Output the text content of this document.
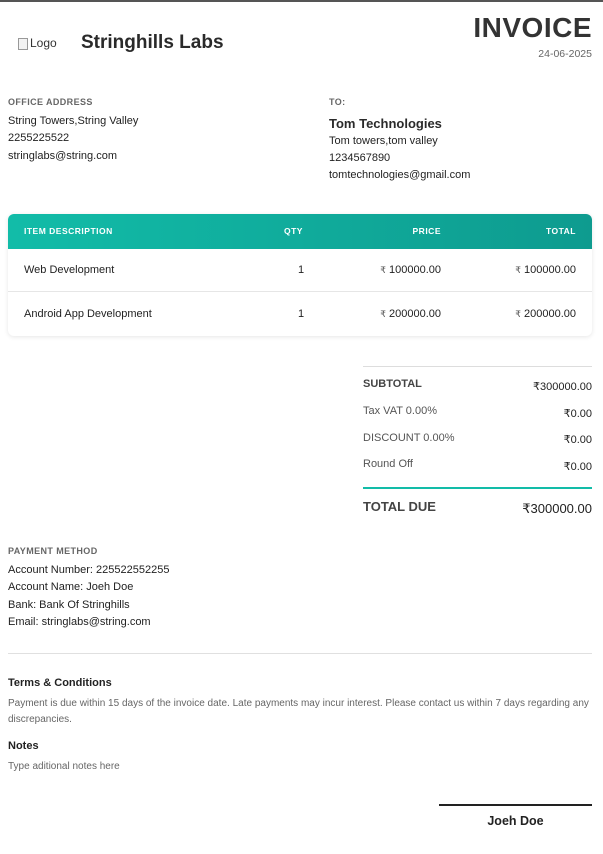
Logo Stringhills Labs	INVOICE
24-06-2025
OFFICE ADDRESS
String Towers,String Valley
2255225522
stringlabs@string.com
TO:
Tom Technologies
Tom towers,tom valley
1234567890
tomtechnologies@gmail.com
ITEM DESCRIPTION	QTY	PRICE	TOTAL
Web Development	1	₹ 100000.00	₹ 100000.00
Android App Development	1	₹ 200000.00	₹ 200000.00
SUBTOTAL	₹300000.00
Tax VAT 0.00%	₹0.00
DISCOUNT 0.00%	₹0.00
Round Off	₹0.00
TOTAL DUE	₹300000.00
PAYMENT METHOD
Account Number: 225522552255
Account Name: Joeh Doe
Bank: Bank Of Stringhills
Email: stringlabs@string.com
Terms & Conditions
Payment is due within 15 days of the invoice date. Late payments may incur interest. Please contact us within 7 days regarding any discrepancies.
Notes
Type aditional notes here
Joeh Doe
